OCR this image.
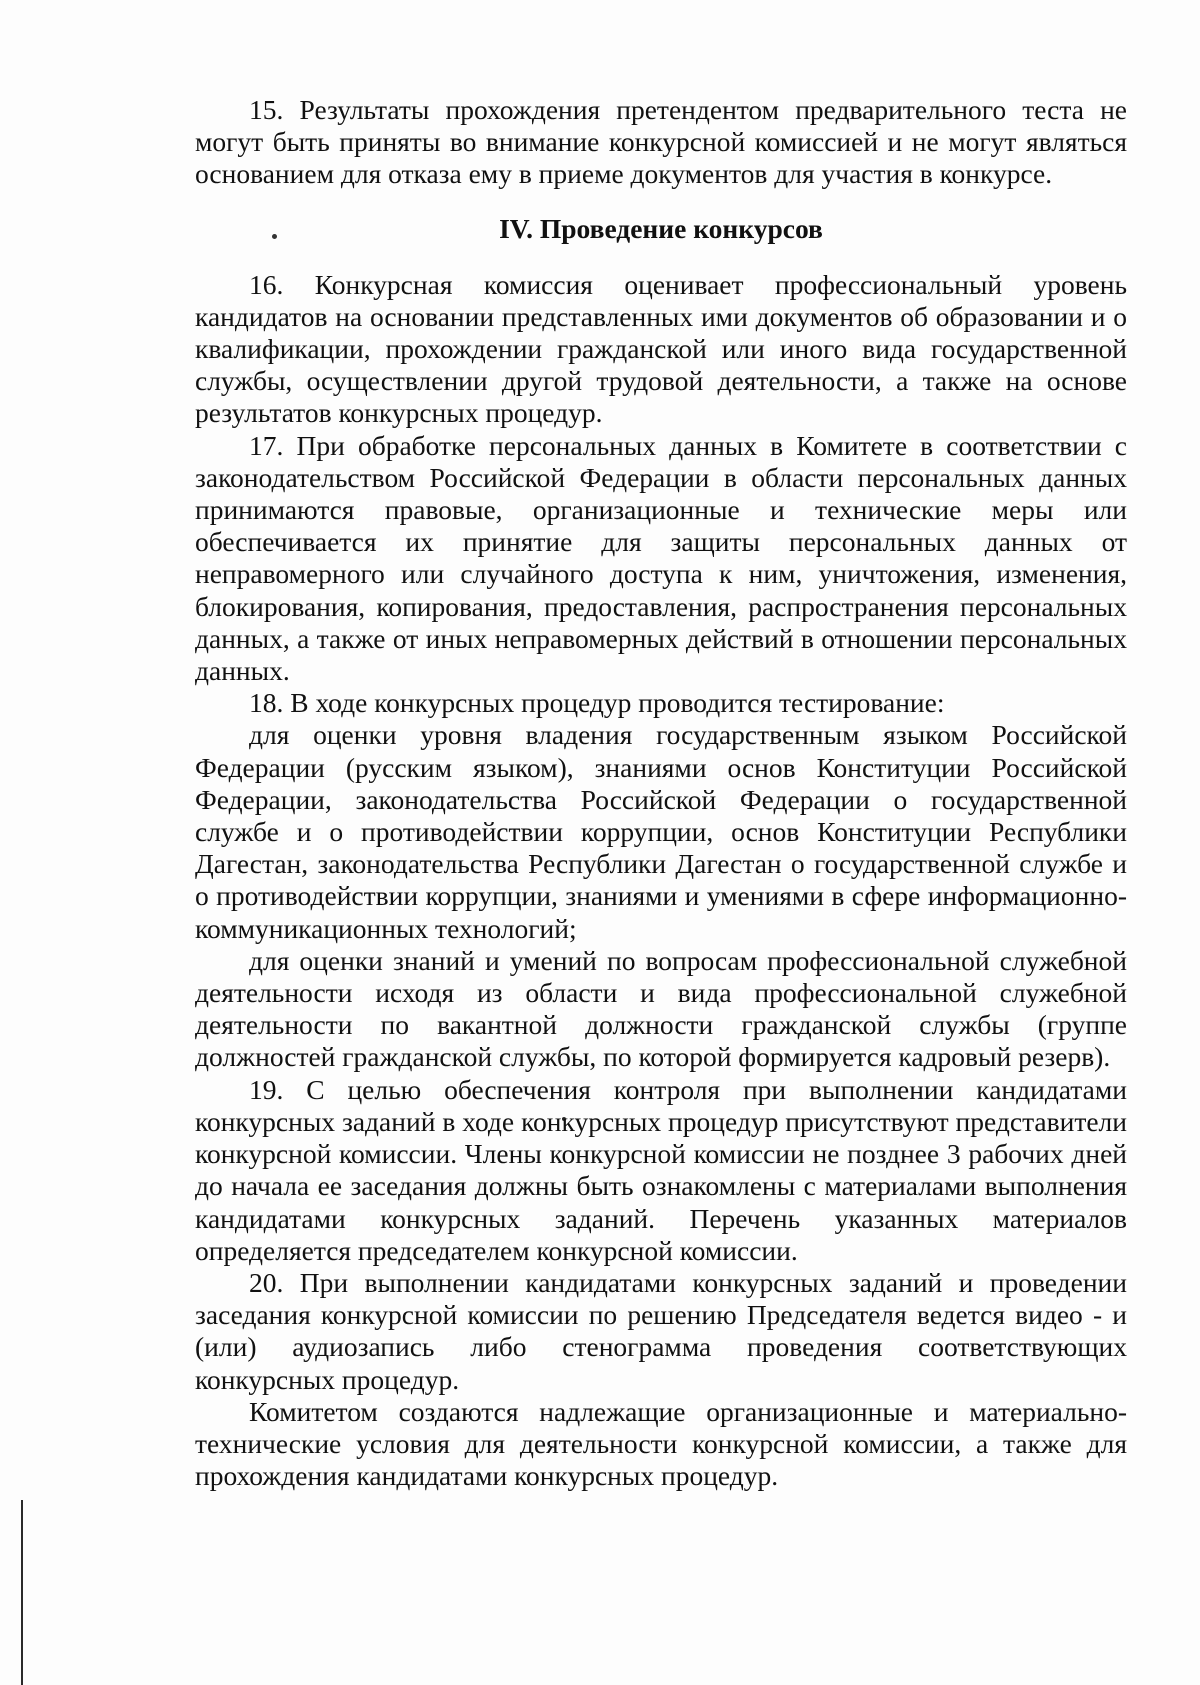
15. Результаты прохождения претендентом предварительного теста не могут быть приняты во внимание конкурсной комиссией и не могут являться основанием для отказа ему в приеме документов для участия в конкурсе.

IV. Проведение конкурсов

16. Конкурсная комиссия оценивает профессиональный уровень кандидатов на основании представленных ими документов об образовании и о квалификации, прохождении гражданской или иного вида государственной службы, осуществлении другой трудовой деятельности, а также на основе результатов конкурсных процедур.

17. При обработке персональных данных в Комитете в соответствии с законодательством Российской Федерации в области персональных данных принимаются правовые, организационные и технические меры или обеспечивается их принятие для защиты персональных данных от неправомерного или случайного доступа к ним, уничтожения, изменения, блокирования, копирования, предоставления, распространения персональных данных, а также от иных неправомерных действий в отношении персональных данных.

18. В ходе конкурсных процедур проводится тестирование:

для оценки уровня владения государственным языком Российской Федерации (русским языком), знаниями основ Конституции Российской Федерации, законодательства Российской Федерации о государственной службе и о противодействии коррупции, основ Конституции Республики Дагестан, законодательства Республики Дагестан о государственной службе и о противодействии коррупции, знаниями и умениями в сфере информационно-коммуникационных технологий;

для оценки знаний и умений по вопросам профессиональной служебной деятельности исходя из области и вида профессиональной служебной деятельности по вакантной должности гражданской службы (группе должностей гражданской службы, по которой формируется кадровый резерв).

19. С целью обеспечения контроля при выполнении кандидатами конкурсных заданий в ходе конкурсных процедур присутствуют представители конкурсной комиссии. Члены конкурсной комиссии не позднее 3 рабочих дней до начала ее заседания должны быть ознакомлены с материалами выполнения кандидатами конкурсных заданий. Перечень указанных материалов определяется председателем конкурсной комиссии.

20. При выполнении кандидатами конкурсных заданий и проведении заседания конкурсной комиссии по решению Председателя ведется видео - и (или) аудиозапись либо стенограмма проведения соответствующих конкурсных процедур.

Комитетом создаются надлежащие организационные и материально-технические условия для деятельности конкурсной комиссии, а также для прохождения кандидатами конкурсных процедур.
